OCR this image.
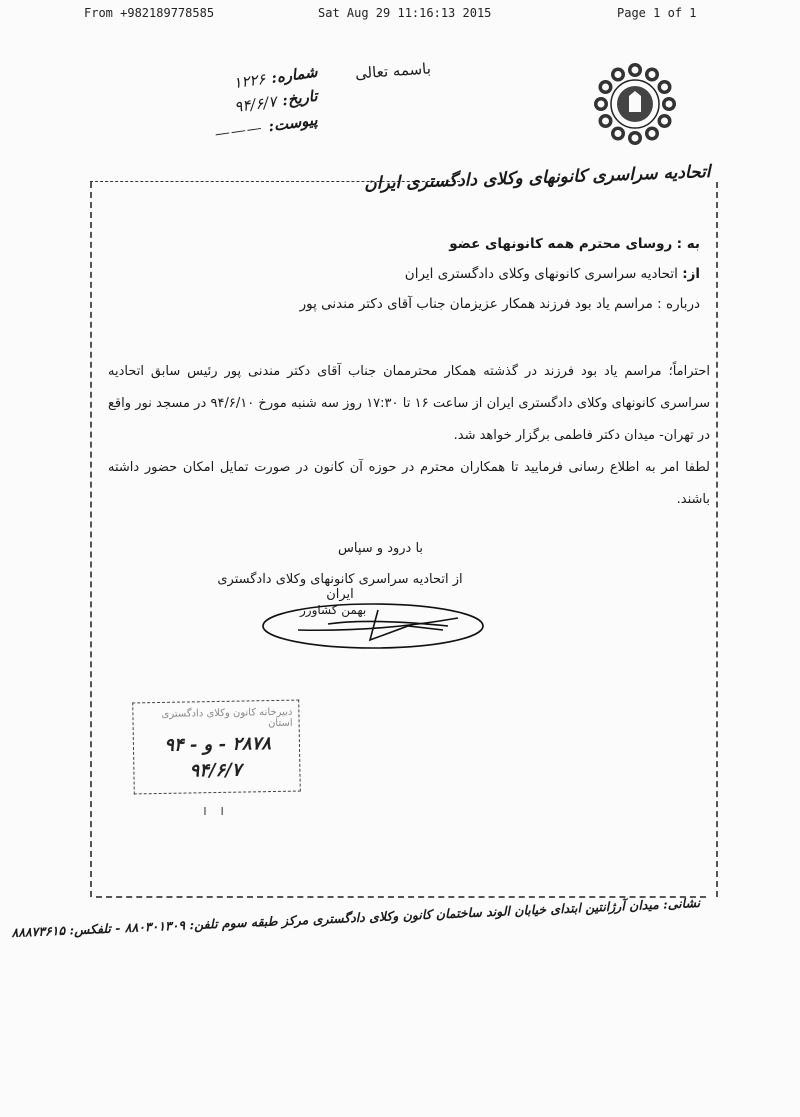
From +982189778585	Sat Aug 29 11:16:13 2015	Page 1 of 1
باسمه تعالی
شماره:
۱۲۲۶
تاریخ:
۹۴/۶/۷
پیوست:
———
اتحادیه سراسری کانونهای وکلای دادگستری ایران
به : روسای محترم همه کانونهای عضو
از: اتحادیه سراسری کانونهای وکلای دادگستری ایران
درباره : مراسم یاد بود فرزند همکار عزیزمان جناب آقای دکتر مندنی پور

احتراماً؛ مراسم یاد بود فرزند در گذشته همکار محترممان جناب آقای دکتر مندنی پور رئیس سابق اتحادیه سراسری کانونهای وکلای دادگستری ایران از ساعت ۱۶ تا ۱۷:۳۰ روز سه شنبه مورخ ۹۴/۶/۱۰ در مسجد نور واقع در تهران- میدان دکتر فاطمی برگزار خواهد شد.

لطفا امر به اطلاع رسانی فرمایید تا همکاران محترم در حوزه آن کانون در صورت تمایل امکان حضور داشته باشند.

با درود و سپاس
از اتحادیه سراسری کانونهای وکلای دادگستری ایران
بهمن کشاورز
دبیرخانه کانون وکلای دادگستری استان
۲۸۷۸ - و - ۹۴
۹۴/۶/۷
ı   ı
نشانی: میدان آرژانتین ابتدای خیابان الوند ساختمان کانون وکلای دادگستری مرکز طبقه سوم تلفن: ۸۸۰۳۰۱۳۰۹ - تلفکس: ۸۸۸۷۳۶۱۵
